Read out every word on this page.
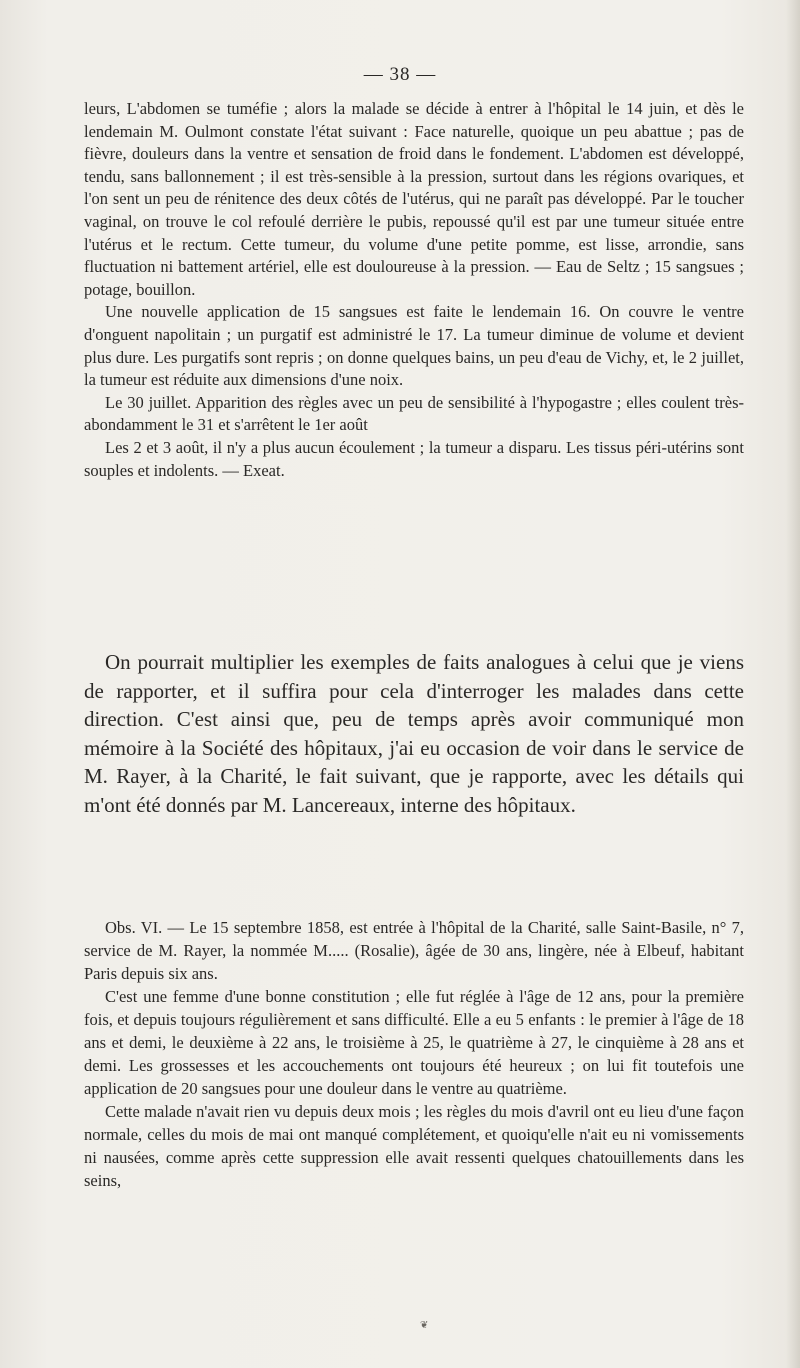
— 38 —

leurs, L'abdomen se tuméfie ; alors la malade se décide à entrer à l'hôpital le 14 juin, et dès le lendemain M. Oulmont constate l'état suivant : Face naturelle, quoique un peu abattue ; pas de fièvre, douleurs dans la ventre et sensation de froid dans le fondement. L'abdomen est développé, tendu, sans ballonnement ; il est très-sensible à la pression, surtout dans les régions ovariques, et l'on sent un peu de rénitence des deux côtés de l'utérus, qui ne paraît pas développé. Par le toucher vaginal, on trouve le col refoulé derrière le pubis, repoussé qu'il est par une tumeur située entre l'utérus et le rectum. Cette tumeur, du volume d'une petite pomme, est lisse, arrondie, sans fluctuation ni battement artériel, elle est douloureuse à la pression. — Eau de Seltz ; 15 sangsues ; potage, bouillon.

Une nouvelle application de 15 sangsues est faite le lendemain 16. On couvre le ventre d'onguent napolitain ; un purgatif est administré le 17. La tumeur diminue de volume et devient plus dure. Les purgatifs sont repris ; on donne quelques bains, un peu d'eau de Vichy, et, le 2 juillet, la tumeur est réduite aux dimensions d'une noix.

Le 30 juillet. Apparition des règles avec un peu de sensibilité à l'hypogastre ; elles coulent très-abondamment le 31 et s'arrêtent le 1er août

Les 2 et 3 août, il n'y a plus aucun écoulement ; la tumeur a disparu. Les tissus péri-utérins sont souples et indolents. — Exeat.

On pourrait multiplier les exemples de faits analogues à celui que je viens de rapporter, et il suffira pour cela d'interroger les malades dans cette direction. C'est ainsi que, peu de temps après avoir communiqué mon mémoire à la Société des hôpitaux, j'ai eu occasion de voir dans le service de M. Rayer, à la Charité, le fait suivant, que je rapporte, avec les détails qui m'ont été donnés par M. Lancereaux, interne des hôpitaux.

Obs. VI. — Le 15 septembre 1858, est entrée à l'hôpital de la Charité, salle Saint-Basile, n° 7, service de M. Rayer, la nommée M..... (Rosalie), âgée de 30 ans, lingère, née à Elbeuf, habitant Paris depuis six ans.

C'est une femme d'une bonne constitution ; elle fut réglée à l'âge de 12 ans, pour la première fois, et depuis toujours régulièrement et sans difficulté. Elle a eu 5 enfants : le premier à l'âge de 18 ans et demi, le deuxième à 22 ans, le troisième à 25, le quatrième à 27, le cinquième à 28 ans et demi. Les grossesses et les accouchements ont toujours été heureux ; on lui fit toutefois une application de 20 sangsues pour une douleur dans le ventre au quatrième.

Cette malade n'avait rien vu depuis deux mois ; les règles du mois d'avril ont eu lieu d'une façon normale, celles du mois de mai ont manqué complétement, et quoiqu'elle n'ait eu ni vomissements ni nausées, comme après cette suppression elle avait ressenti quelques chatouillements dans les seins,

❦
